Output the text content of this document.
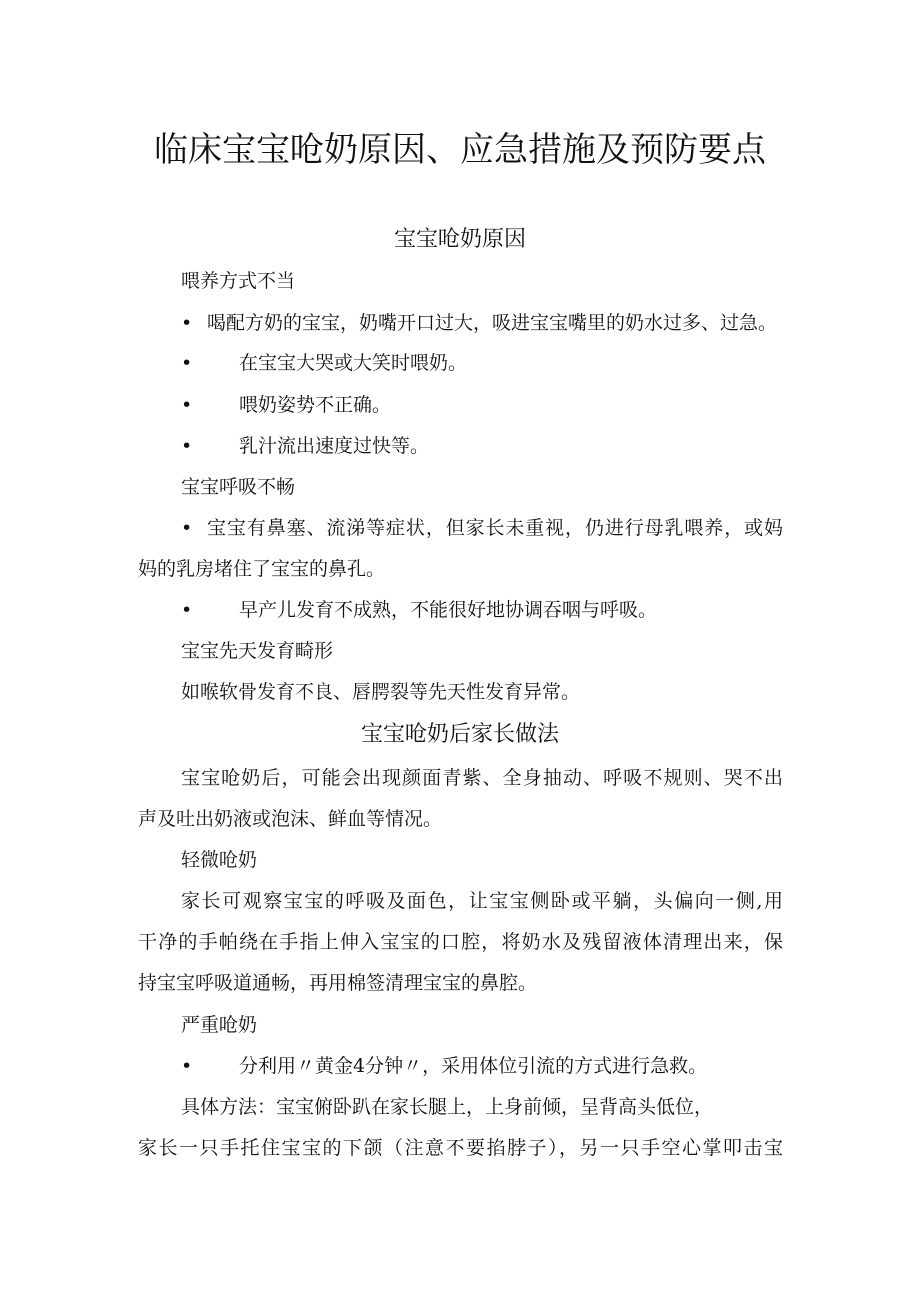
临床宝宝呛奶原因、应急措施及预防要点
宝宝呛奶原因
喂养方式不当
• 喝配方奶的宝宝，奶嘴开口过大，吸进宝宝嘴里的奶水过多、过急。
• 在宝宝大哭或大笑时喂奶。
• 喂奶姿势不正确。
• 乳汁流出速度过快等。
宝宝呼吸不畅
• 宝宝有鼻塞、流涕等症状，但家长未重视，仍进行母乳喂养，或妈
妈的乳房堵住了宝宝的鼻孔。
• 早产儿发育不成熟，不能很好地协调吞咽与呼吸。
宝宝先天发育畸形
如喉软骨发育不良、唇腭裂等先天性发育异常。
宝宝呛奶后家长做法
宝宝呛奶后，可能会出现颜面青紫、全身抽动、呼吸不规则、哭不出
声及吐出奶液或泡沫、鲜血等情况。
轻微呛奶
家长可观察宝宝的呼吸及面色，让宝宝侧卧或平躺，头偏向一侧,用
干净的手帕绕在手指上伸入宝宝的口腔，将奶水及残留液体清理出来，保
持宝宝呼吸道通畅，再用棉签清理宝宝的鼻腔。
严重呛奶
• 分利用〃黄金4分钟〃，采用体位引流的方式进行急救。
具体方法：宝宝俯卧趴在家长腿上，上身前倾，呈背高头低位，
家长一只手托住宝宝的下颌（注意不要掐脖子），另一只手空心掌叩击宝
